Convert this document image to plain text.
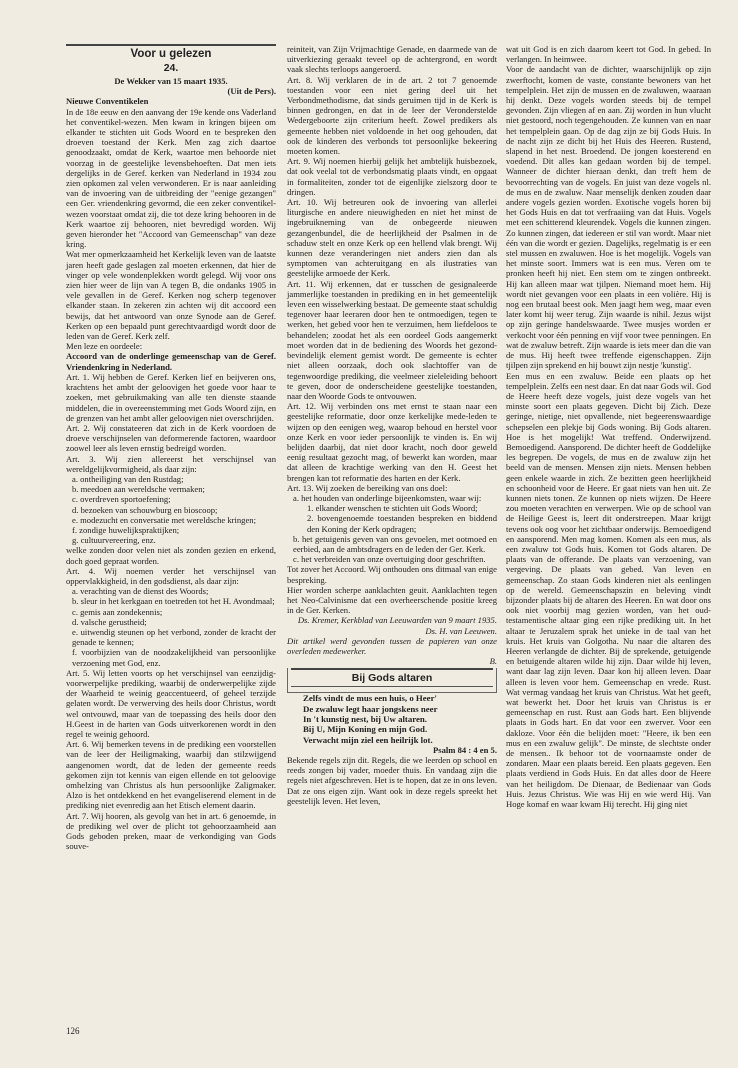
Voor u gelezen
24.
De Wekker van 15 maart 1935.
(Uit de Pers).
Nieuwe Conventikelen

In de 18e eeuw en den aanvang der 19e kende ons Vaderland het conventikel-wezen. Men kwam in kringen bijeen om elkander te stichten uit Gods Woord en te bespreken den droeven toestand der Kerk. Men zag zich daartoe genoodzaakt, omdat de Kerk, waartoe men behoorde niet voorzag in de geestelijke levensbehoeften. Dat men iets dergelijks in de Geref. kerken van Nederland in 1934 zou zien opkomen zal velen verwonderen. Er is naar aanleiding van de invoering van de uitbreiding der "eenige gezangen" een Ger. vriendenkring gevormd, die een zeker conventikel-wezen voorstaat omdat zij, die tot deze kring behooren in de Kerk waartoe zij behooren, niet bevredigd worden. Wij geven hieronder het "Accoord van Gemeenschap" van deze kring.

Wat mer opmerkzaamheid het Kerkelijk leven van de laatste jaren heeft gade geslagen zal moeten erkennen, dat hier de vinger op vele wondenplekken wordt gelegd. Wij voor ons zien hier weer de lijn van A tegen B, die ondanks 1905 in vele gevallen in de Geref. Kerken nog scherp tegenover elkander staan. In zekeren zin achten wij dit accoord een bewijs, dat het antwoord van onze Synode aan de Geref. Kerken op een bepaald punt gerechtvaardigd wordt door de leden van de Geref. Kerk zelf.

Men leze en oordeele:

Accoord van de onderlinge gemeenschap van de Geref. Vriendenkring in Nederland.

Art. 1. Wij hebben de Geref. Kerken lief en beijveren ons, krachtens het ambt der geloovigen het goede voor haar te zoeken, met gebruikmaking van alle ten dienste staande middelen, die in overeenstemming met Gods Woord zijn, en de grenzen van het ambt aller geloovigen niet overschrijden.

Art. 2. Wij constateeren dat zich in de Kerk voordoen de droeve verschijnselen van deformerende factoren, waardoor zoowel leer als leven ernstig bedreigd worden.

Art. 3. Wij zien allereerst het verschijnsel van wereldgelijkvormigheid, als daar zijn:

a. ontheiliging van den Rustdag;
b. meedoen aan wereldsche vermaken;
c. overdreven sportoefening;
d. bezoeken van schouwburg en bioscoop;
e. modezucht en conversatie met wereldsche kringen;
f. zondige huwelijkspraktijken;
g. cultuurvereering, enz.

welke zonden door velen niet als zonden gezien en erkend, doch goed gepraat worden.

Art. 4. Wij noemen verder het verschijnsel van oppervlakkigheid, in den godsdienst, als daar zijn:

a. verachting van de dienst des Woords;
b. sleur in het kerkgaan en toetreden tot het H. Avondmaal;
c. gemis aan zondekennis;
d. valsche gerustheid;
e. uitwendig steunen op het verbond, zonder de kracht der genade te kennen;
f. voorbijzien van de noodzakelijkheid van persoonlijke verzoening met God, enz.

Art. 5. Wij letten voorts op het verschijnsel van eenzijdig-voorwerpelijke prediking, waarbij de onderwerpelijke zijde der Waarheid te weinig geaccentueerd, of geheel terzijde gelaten wordt. De verwerving des heils door Christus, wordt wel ontvouwd, maar van de toepassing des heils door den H.Geest in de harten van Gods uitverkorenen wordt in den regel te weinig gehoord.

Art. 6. Wij bemerken tevens in de prediking een voorstellen van de leer der Heiligmaking, waarbij dan stilzwijgend aangenomen wordt, dat de leden der gemeente reeds gekomen zijn tot kennis van eigen ellende en tot geloovige omhelzing van Christus als hun persoonlijke Zaligmaker. Alzo is het ontdekkend en het evangeliserend element in de prediking niet evenredig aan het Etisch element daarin.

Art. 7. Wij hooren, als gevolg van het in art. 6 genoemde, in de prediking wel over de plicht tot gehoorzaamheid aan Gods geboden preken, maar de verkondiging van Gods souve-

reiniteit, van Zijn Vrijmachtige Genade, en daarmede van de uitverkiezing geraakt teveel op de achtergrond, en wordt vaak slechts terloops aangeroerd.

Art. 8. Wij verklaren de in de art. 2 tot 7 genoemde toestanden voor een niet gering deel uit het Verbondmethodisme, dat sinds geruimen tijd in de Kerk is binnen gedrongen, en dat in de leer der Veronderstelde Wedergeboorte zijn criterium heeft. Zowel predikers als gemeente hebben niet voldoende in het oog gehouden, dat ook de kinderen des verbonds tot persoonlijke bekeering moeten komen.

Art. 9. Wij noemen hierbij gelijk het ambtelijk huisbezoek, dat ook veelal tot de verbondsmatig plaats vindt, en opgaat in formaliteiten, zonder tot de eigenlijke zielszorg door te dringen.

Art. 10. Wij betreuren ook de invoering van allerlei liturgische en andere nieuwigheden en niet het minst de ingebruikneming van de onbegeerde nieuwen gezangenbundel, die de heerlijkheid der Psalmen in de schaduw stelt en onze Kerk op een hellend vlak brengt. Wij kunnen deze veranderingen niet anders zien dan als symptomen van achteruitgang en als ilustraties van geestelijke armoede der Kerk.

Art. 11. Wij erkennen, dat er tusschen de gesignaleerde jammerlijke toestanden in prediking en in het gemeentelijk leven een wisselwerking bestaat. De gemeente staat schuldig tegenover haar leeraren door hen te ontmoedigen, tegen te werken, het gebed voor hen te verzuimen, hem liefdeloos te behandelen; zoodat het als een oordeel Gods aangemerkt moet worden dat in de bediening des Woords het gezond-bevindelijk element gemist wordt. De gemeente is echter niet alleen oorzaak, doch ook slachtoffer van de tegenwoordige prediking, die veelmeer zieleleiding behoort te geven, door de onderscheidene geestelijke toestanden, naar den Woorde Gods te ontvouwen.

Art. 12. Wij verbinden ons met ernst te staan naar een geestelijke reformatie, door onze kerkelijke mede-leden te wijzen op den eenigen weg, waarop behoud en herstel voor onze Kerk en voor ieder persoonlijk te vinden is. En wij belijden daarbij, dat niet door kracht, noch door geweld eenig resultaat gezocht mag, of bewerkt kan worden, maar dat alleen de krachtige werking van den H. Geest het brengen kan tot reformatie des harten en der Kerk.

Art. 13. Wij zoeken de bereiking van ons doel:

a. het houden van onderlinge bijeenkomsten, waar wij:
1. elkander wenschen te stichten uit Gods Woord;
2. bovengenoemde toestanden bespreken en biddend den Koning der Kerk opdragen;
b. het getuigenis geven van ons gevoelen, met ootmoed en eerbied, aan de ambtsdragers en de leden der Ger. Kerk.
c. het verbreiden van onze overtuiging door geschriften.

Tot zover het Accoord. Wij onthouden ons ditmaal van enige bespreking.

Hier worden scherpe aanklachten geuit. Aanklachten tegen het Neo-Calvinisme dat een overheerschende positie kreeg in de Ger. Kerken.

Ds. Kremer, Kerkblad van Leeuwarden van 9 maart 1935.

Ds. H. van Leeuwen.

Dit artikel werd gevonden tussen de papieren van onze overleden medewerker.

B.

Bij Gods altaren
Zelfs vindt de mus een huis, o Heer'
De zwaluw legt haar jongskens neer
In 't kunstig nest, bij Uw altaren.
Bij U, Mijn Koning en mijn God.
Verwacht mijn ziel een heilrijk lot.
Psalm 84 : 4 en 5.

Bekende regels zijn dit. Regels, die we leerden op school en reeds zongen bij vader, moeder thuis. En vandaag zijn die regels niet afgeschreven. Het is te hopen, dat ze in ons leven. Dat ze ons eigen zijn. Want ook in deze regels spreekt het geestelijk leven. Het leven,

wat uit God is en zich daarom keert tot God. In gebed. In verlangen. In heimwee.

Voor de aandacht van de dichter, waarschijnlijk op zijn zwerftocht, komen de vaste, constante bewoners van het tempelplein. Het zijn de mussen en de zwaluwen, waaraan hij denkt. Deze vogels worden steeds bij de tempel gevonden. Zijn vliegen af en aan. Zij worden in hun vlucht niet gestoord, noch tegengehouden. Ze kunnen van en naar het tempelplein gaan. Op de dag zijn ze bij Gods Huis. In de nacht zijn ze dicht bij het Huis des Heeren. Rustend, slapend in het nest. Broedend. De jongen koesterend en voedend. Dit alles kan gedaan worden bij de tempel. Wanneer de dichter hieraan denkt, dan treft hem de bevoorrechting van de vogels. En juist van deze vogels nl. de mus en de zwaluw. Naar menselijk denken zouden daar andere vogels gezien worden. Exotische vogels horen bij het Gods Huis en dat tot verfraaiing van dat Huis. Vogels met een schitterend kleurendek. Vogels die kunnen zingen. Zo kunnen zingen, dat iedereen er stil van wordt. Maar niet één van die wordt er gezien. Dagelijks, regelmatig is er een stel mussen en zwaluwen. Hoe is het mogelijk. Vogels van het minste soort. Immers wat is een mus. Veren om te pronken heeft hij niet. Een stem om te zingen ontbreekt. Hij kan alleen maar wat tjilpen. Niemand moet hem. Hij wordt niet gevangen voor een plaats in een volière. Hij is nog een brutaal beest ook. Men jaagt hem weg, maar even later komt hij weer terug. Zijn waarde is nihil. Jezus wijst op zijn geringe handelswaarde. Twee musjes worden er verkocht voor één penning en vijf voor twee penningen. En wat de zwaluw betreft. Zijn waarde is iets meer dan die van de mus. Hij heeft twee treffende eigenschappen. Zijn tjilpen zijn sprekend en hij bouwt zijn nestje 'kunstig'.

Een mus en een zwaluw. Beide een plaats op het tempelplein. Zelfs een nest daar. En dat naar Gods wil. God de Heere heeft deze vogels, juist deze vogels van het minste soort een plaats gegeven. Dicht bij Zich. Deze geringe, nietige, niet opvallende, niet begeerenswaardige schepselen een plekje bij Gods woning. Bij Gods altaren. Hoe is het mogelijk! Wat treffend. Onderwijzend. Bemoedigend. Aansporend. De dichter heeft de Goddelijke les begrepen. De vogels, de mus en de zwaluw zijn het beeld van de mensen. Mensen zijn niets. Mensen hebben geen enkele waarde in zich. Ze bezitten geen heerlijkheid en schoonheid voor de Heere. Er gaat niets van hen uit. Ze kunnen niets tonen. Ze kunnen op niets wijzen. De Heere zou moeten verachten en verwerpen. Wie op de school van de Heilige Geest is, leert dit onderstreepen. Maar krijgt tevens ook oog voor het zichtbaar onderwijs. Bemoedigend en aansporend. Men mag komen. Komen als een mus, als een zwaluw tot Gods huis. Komen tot Gods altaren. De plaats van de offerande. De plaats van verzoening, van vergeving. De plaats van gebed. Van leven en gemeenschap. Zo staan Gods kinderen niet als eenlingen op de wereld. Gemeenschapszin en beleving vindt bijzonder plaats bij de altaren des Heeren. En wat door ons ook niet voorbij mag gezien worden, van het oud-testamentische altaar ging een rijke prediking uit. In het altaar te Jeruzalem sprak het unieke in de taal van het kruis. Het kruis van Golgotha. Nu naar die altaren des Heeren verlangde de dichter. Bij de sprekende, getuigende en betuigende altaren wilde hij zijn. Daar wilde hij leven, want daar lag zijn leven. Daar kon hij alleen leven. Daar alleen is leven voor hem. Gemeenschap en vrede. Rust. Wat vermag vandaag het kruis van Christus. Wat het geeft, wat bewerkt het. Door het kruis van Christus is er gemeenschap en rust. Rust aan Gods hart. Een blijvende plaats in Gods hart. En dat voor een zwerver. Voor een dakloze. Voor één die belijden moet: "Heere, ik ben een mus en een zwaluw gelijk". De minste, de slechtste onder de mensen.. Ik behoor tot de voornaamste onder de zondaren. Maar een plaats bereid. Een plaats gegeven. Een plaats verdiend in Gods Huis. En dat alles door de Heere van het heiligdom. De Dienaar, de Bedienaar van Gods Huis. Jezus Christus. Wie was Hij en wie werd Hij. Van Hoge komaf en waar kwam Hij terecht. Hij ging niet

126
